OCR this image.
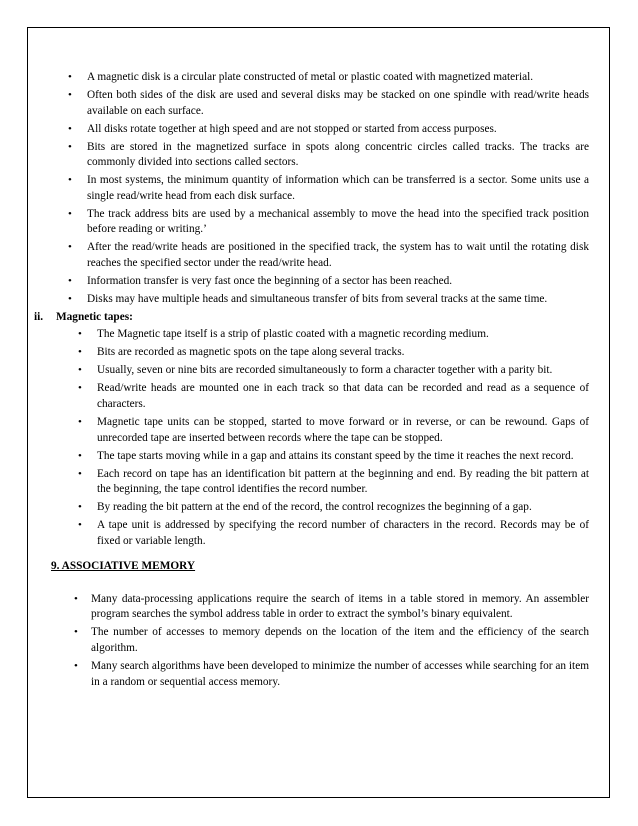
• A magnetic disk is a circular plate constructed of metal or plastic coated with magnetized material.
• Often both sides of the disk are used and several disks may be stacked on one spindle with read/write heads available on each surface.
• All disks rotate together at high speed and are not stopped or started from access purposes.
• Bits are stored in the magnetized surface in spots along concentric circles called tracks. The tracks are commonly divided into sections called sectors.
• In most systems, the minimum quantity of information which can be transferred is a sector. Some units use a single read/write head from each disk surface.
• The track address bits are used by a mechanical assembly to move the head into the specified track position before reading or writing.’
• After the read/write heads are positioned in the specified track, the system has to wait until the rotating disk reaches the specified sector under the read/write head.
• Information transfer is very fast once the beginning of a sector has been reached.
• Disks may have multiple heads and simultaneous transfer of bits from several tracks at the same time.
ii. Magnetic tapes:
• The Magnetic tape itself is a strip of plastic coated with a magnetic recording medium.
• Bits are recorded as magnetic spots on the tape along several tracks.
• Usually, seven or nine bits are recorded simultaneously to form a character together with a parity bit.
• Read/write heads are mounted one in each track so that data can be recorded and read as a sequence of characters.
• Magnetic tape units can be stopped, started to move forward or in reverse, or can be rewound. Gaps of unrecorded tape are inserted between records where the tape can be stopped.
• The tape starts moving while in a gap and attains its constant speed by the time it reaches the next record.
• Each record on tape has an identification bit pattern at the beginning and end. By reading the bit pattern at the beginning, the tape control identifies the record number.
• By reading the bit pattern at the end of the record, the control recognizes the beginning of a gap.
• A tape unit is addressed by specifying the record number of characters in the record. Records may be of fixed or variable length.
9. ASSOCIATIVE MEMORY
• Many data-processing applications require the search of items in a table stored in memory. An assembler program searches the symbol address table in order to extract the symbol’s binary equivalent.
• The number of accesses to memory depends on the location of the item and the efficiency of the search algorithm.
• Many search algorithms have been developed to minimize the number of accesses while searching for an item in a random or sequential access memory.
